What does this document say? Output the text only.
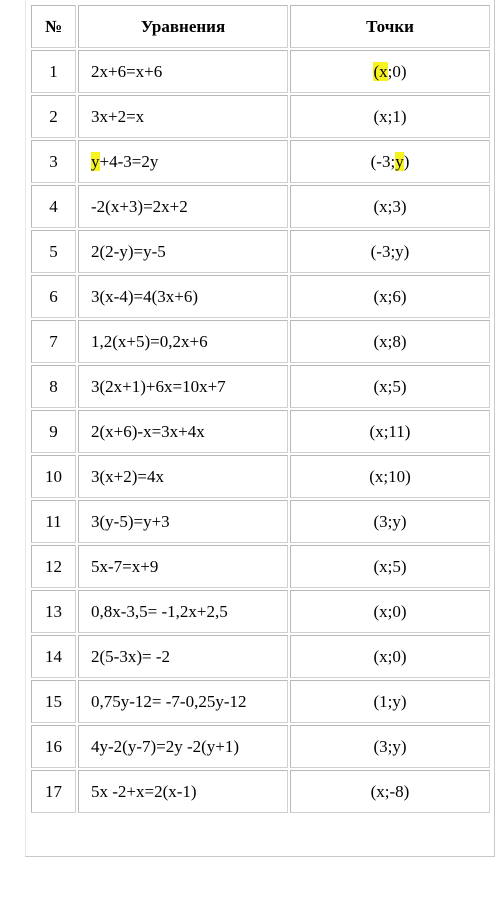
№	Уравнения	Точки
1	2x+6=x+6	(x;0)
2	3x+2=x	(x;1)
3	y+4-3=2y	(-3;y)
4	-2(x+3)=2x+2	(x;3)
5	2(2-y)=y-5	(-3;y)
6	3(x-4)=4(3x+6)	(x;6)
7	1,2(x+5)=0,2x+6	(x;8)
8	3(2x+1)+6x=10x+7	(x;5)
9	2(x+6)-x=3x+4x	(x;11)
10	3(x+2)=4x	(x;10)
11	3(y-5)=y+3	(3;y)
12	5x-7=x+9	(x;5)
13	0,8x-3,5= -1,2x+2,5	(x;0)
14	2(5-3x)= -2	(x;0)
15	0,75y-12= -7-0,25y-12	(1;y)
16	4y-2(y-7)=2y -2(y+1)	(3;y)
17	5x -2+x=2(x-1)	(x;-8)
